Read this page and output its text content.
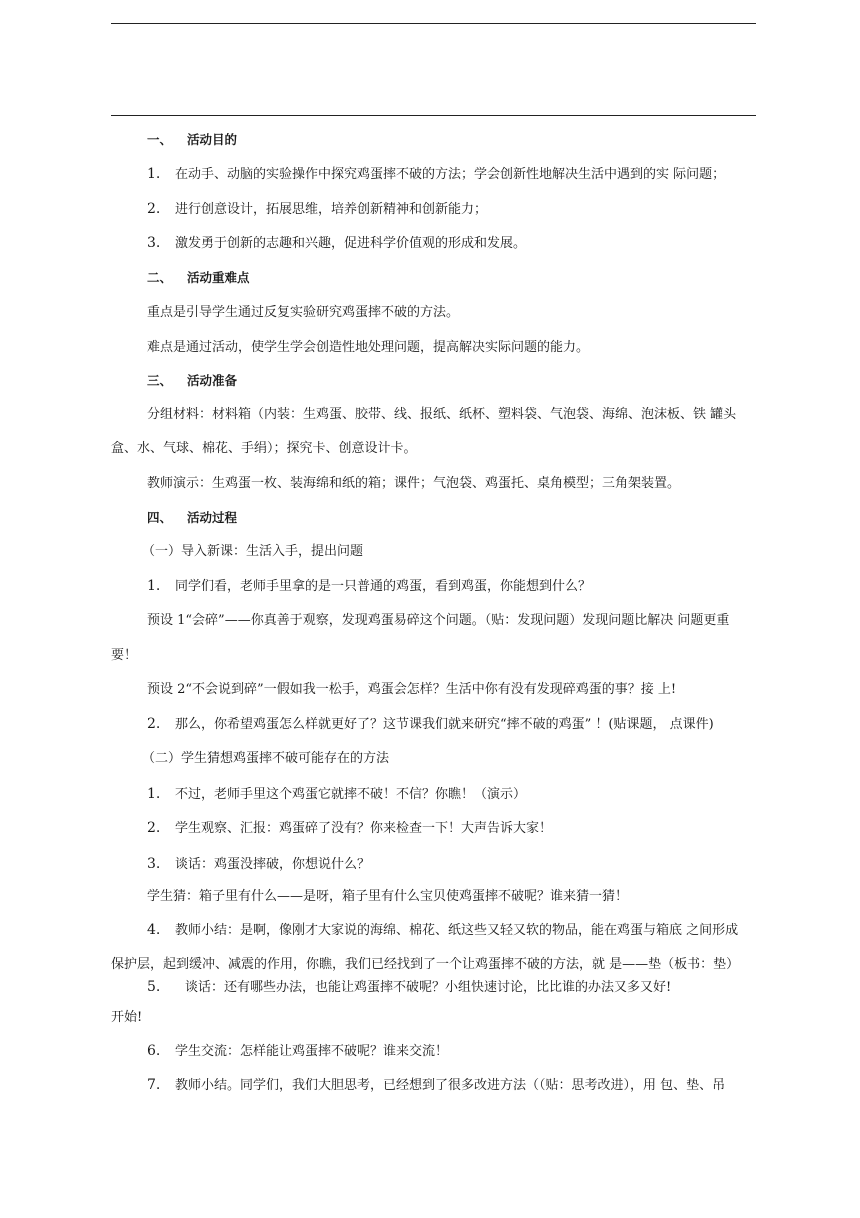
一、 活动目的
1. 在动手、动脑的实验操作中探究鸡蛋摔不破的方法；学会创新性地解决生活中遇到的实 际问题；
2. 进行创意设计，拓展思维，培养创新精神和创新能力；
3. 激发勇于创新的志趣和兴趣，促进科学价值观的形成和发展。
二、 活动重难点
重点是引导学生通过反复实验研究鸡蛋摔不破的方法。
难点是通过活动，使学生学会创造性地处理问题，提高解决实际问题的能力。
三、 活动准备
分组材料：材料箱（内装：生鸡蛋、胶带、线、报纸、纸杯、塑料袋、气泡袋、海绵、泡沫板、铁 罐头
盒、水、气球、棉花、手绢）；探究卡、创意设计卡。
教师演示：生鸡蛋一枚、装海绵和纸的箱；课件；气泡袋、鸡蛋托、桌角模型；三角架装置。
四、 活动过程
（一）导入新课：生活入手，提出问题
1. 同学们看，老师手里拿的是一只普通的鸡蛋，看到鸡蛋，你能想到什么？
预设 1“会碎”——你真善于观察，发现鸡蛋易碎这个问题。（贴：发现问题）发现问题比解决 问题更重
要！
预设 2“不会说到碎”一假如我一松手，鸡蛋会怎样？生活中你有没有发现碎鸡蛋的事？接 上!
2. 那么，你希望鸡蛋怎么样就更好了？这节课我们就来研究“摔不破的鸡蛋” ！(贴课题， 点课件)
（二）学生猜想鸡蛋摔不破可能存在的方法
1. 不过，老师手里这个鸡蛋它就摔不破！不信？你瞧！（演示）
2. 学生观察、汇报：鸡蛋碎了没有？你来检查一下！大声告诉大家！
3. 谈话：鸡蛋没摔破，你想说什么？
学生猜：箱子里有什么——是呀，箱子里有什么宝贝使鸡蛋摔不破呢？谁来猜一猜！
4. 教师小结：是啊，像刚才大家说的海绵、棉花、纸这些又轻又软的物品，能在鸡蛋与箱底 之间形成
保护层，起到缓冲、减震的作用，你瞧，我们已经找到了一个让鸡蛋摔不破的方法，就 是——垫（板书：垫）
5. 谈话：还有哪些办法，也能让鸡蛋摔不破呢？小组快速讨论，比比谁的办法又多又好!
开始!
6. 学生交流：怎样能让鸡蛋摔不破呢？谁来交流！
7. 教师小结。同学们，我们大胆思考，已经想到了很多改进方法（（贴：思考改进），用 包、垫、吊
